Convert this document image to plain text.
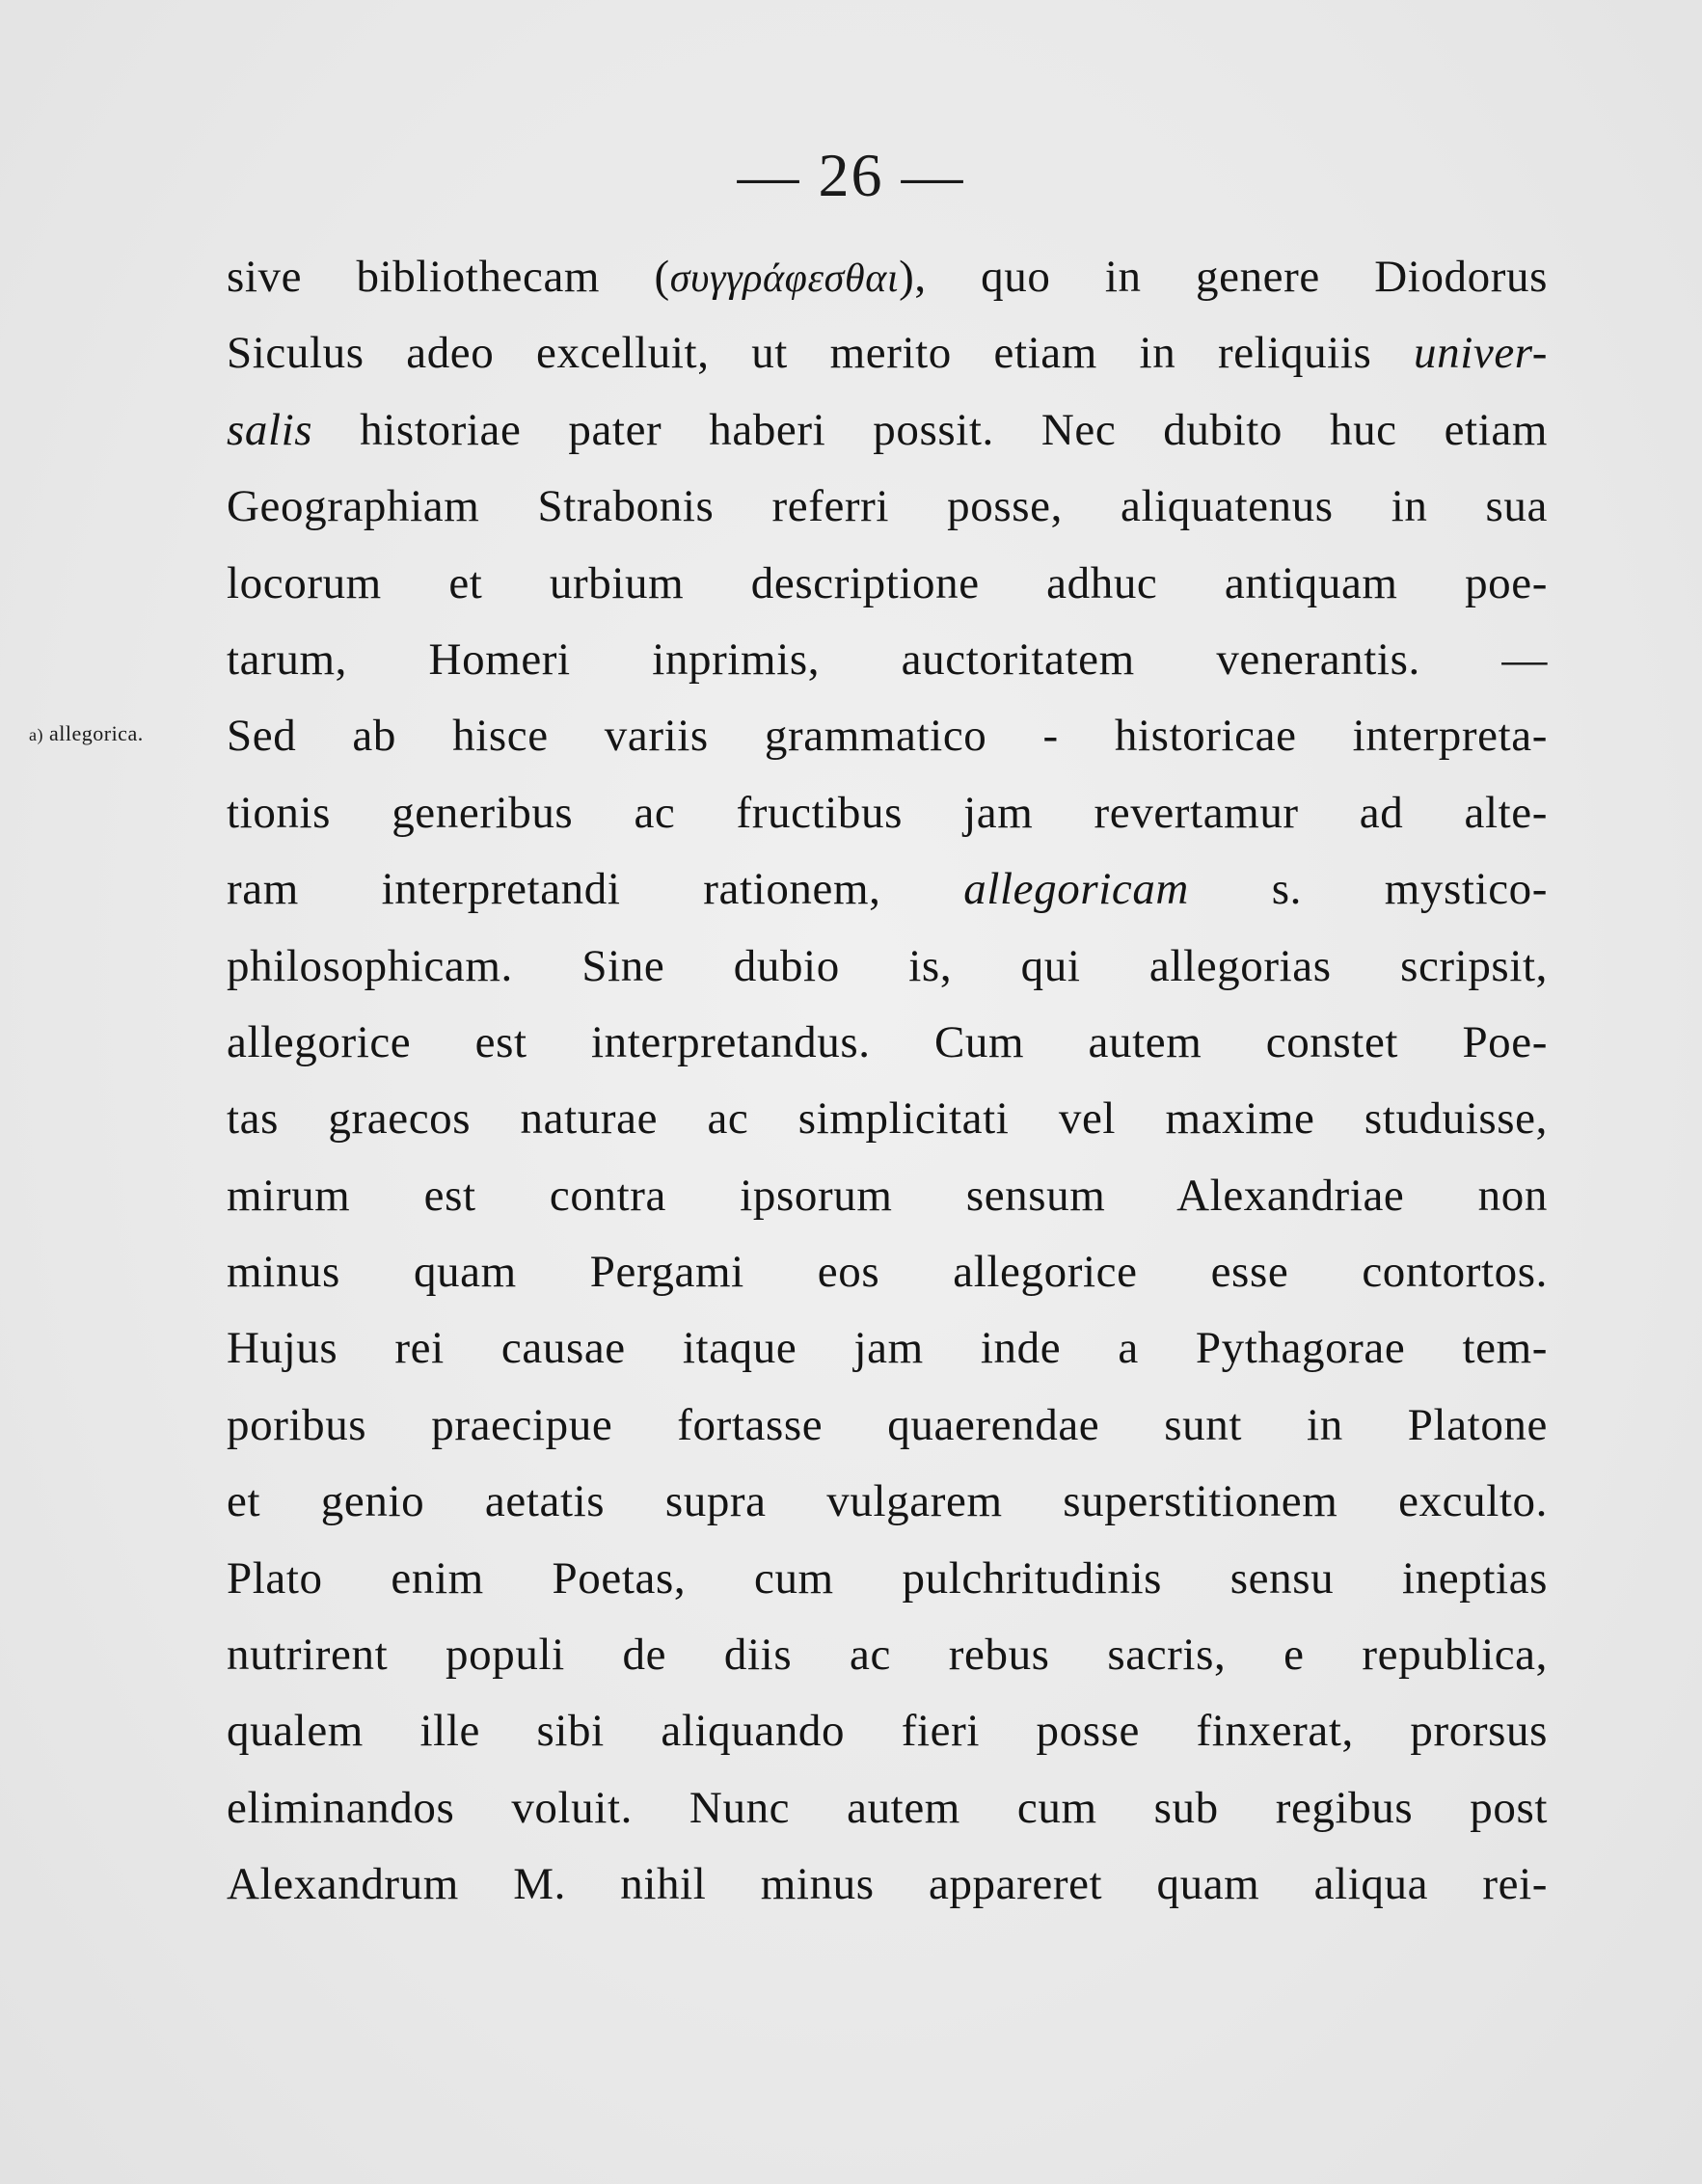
— 26 —
a) allegorica.
sive bibliothecam (συγγράφεσθαι), quo in genere Diodorus
Siculus adeo excelluit, ut merito etiam in reliquiis univer-
salis historiae pater haberi possit. Nec dubito huc etiam
Geographiam Strabonis referri posse, aliquatenus in sua
locorum et urbium descriptione adhuc antiquam poe-
tarum, Homeri inprimis, auctoritatem venerantis. —
Sed ab hisce variis grammatico - historicae interpreta-
tionis generibus ac fructibus jam revertamur ad alte-
ram interpretandi rationem, allegoricam s. mystico-
philosophicam. Sine dubio is, qui allegorias scripsit,
allegorice est interpretandus. Cum autem constet Poe-
tas graecos naturae ac simplicitati vel maxime studuisse,
mirum est contra ipsorum sensum Alexandriae non
minus quam Pergami eos allegorice esse contortos.
Hujus rei causae itaque jam inde a Pythagorae tem-
poribus praecipue fortasse quaerendae sunt in Platone
et genio aetatis supra vulgarem superstitionem exculto.
Plato enim Poetas, cum pulchritudinis sensu ineptias
nutrirent populi de diis ac rebus sacris, e republica,
qualem ille sibi aliquando fieri posse finxerat, prorsus
eliminandos voluit. Nunc autem cum sub regibus post
Alexandrum M. nihil minus appareret quam aliqua rei-
